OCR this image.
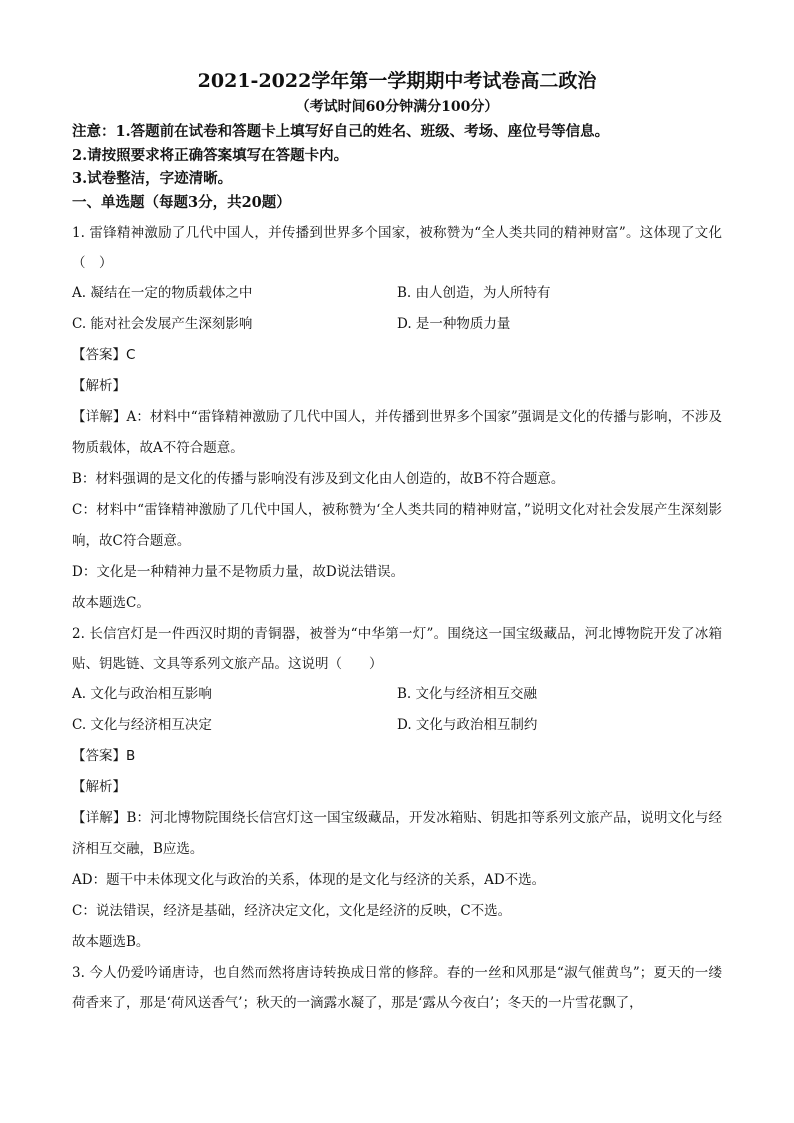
2021-2022学年第一学期期中考试卷高二政治
（考试时间60分钟满分100分）
注意：1.答题前在试卷和答题卡上填写好自己的姓名、班级、考场、座位号等信息。
2.请按照要求将正确答案填写在答题卡内。
3.试卷整洁，字迹清晰。
一、单选题（每题3分，共20题）
1. 雷锋精神激励了几代中国人，并传播到世界多个国家，被称赞为“全人类共同的精神财富”。这体现了文化（　）
A. 凝结在一定的物质载体之中	B. 由人创造，为人所特有
C. 能对社会发展产生深刻影响	D. 是一种物质力量
【答案】C
【解析】
【详解】A：材料中“雷锋精神激励了几代中国人，并传播到世界多个国家”强调是文化的传播与影响，不涉及物质载体，故A不符合题意。
B：材料强调的是文化的传播与影响没有涉及到文化由人创造的，故B不符合题意。
C：材料中“雷锋精神激励了几代中国人，被称赞为‘全人类共同的精神财富，”说明文化对社会发展产生深刻影响，故C符合题意。
D：文化是一种精神力量不是物质力量，故D说法错误。
故本题选C。
2. 长信宫灯是一件西汉时期的青铜器，被誉为“中华第一灯”。围绕这一国宝级藏品，河北博物院开发了冰箱贴、钥匙链、文具等系列文旅产品。这说明（　　）
A. 文化与政治相互影响	B. 文化与经济相互交融
C. 文化与经济相互决定	D. 文化与政治相互制约
【答案】B
【解析】
【详解】B：河北博物院围绕长信宫灯这一国宝级藏品，开发冰箱贴、钥匙扣等系列文旅产品，说明文化与经济相互交融，B应选。
AD：题干中未体现文化与政治的关系，体现的是文化与经济的关系，AD不选。
C：说法错误，经济是基础，经济决定文化，文化是经济的反映，C不选。
故本题选B。
3. 今人仍爱吟诵唐诗，也自然而然将唐诗转换成日常的修辞。春的一丝和风那是“淑气催黄鸟”；夏天的一缕荷香来了，那是‘荷风送香气’；秋天的一滴露水凝了，那是‘露从今夜白’；冬天的一片雪花飘了，
